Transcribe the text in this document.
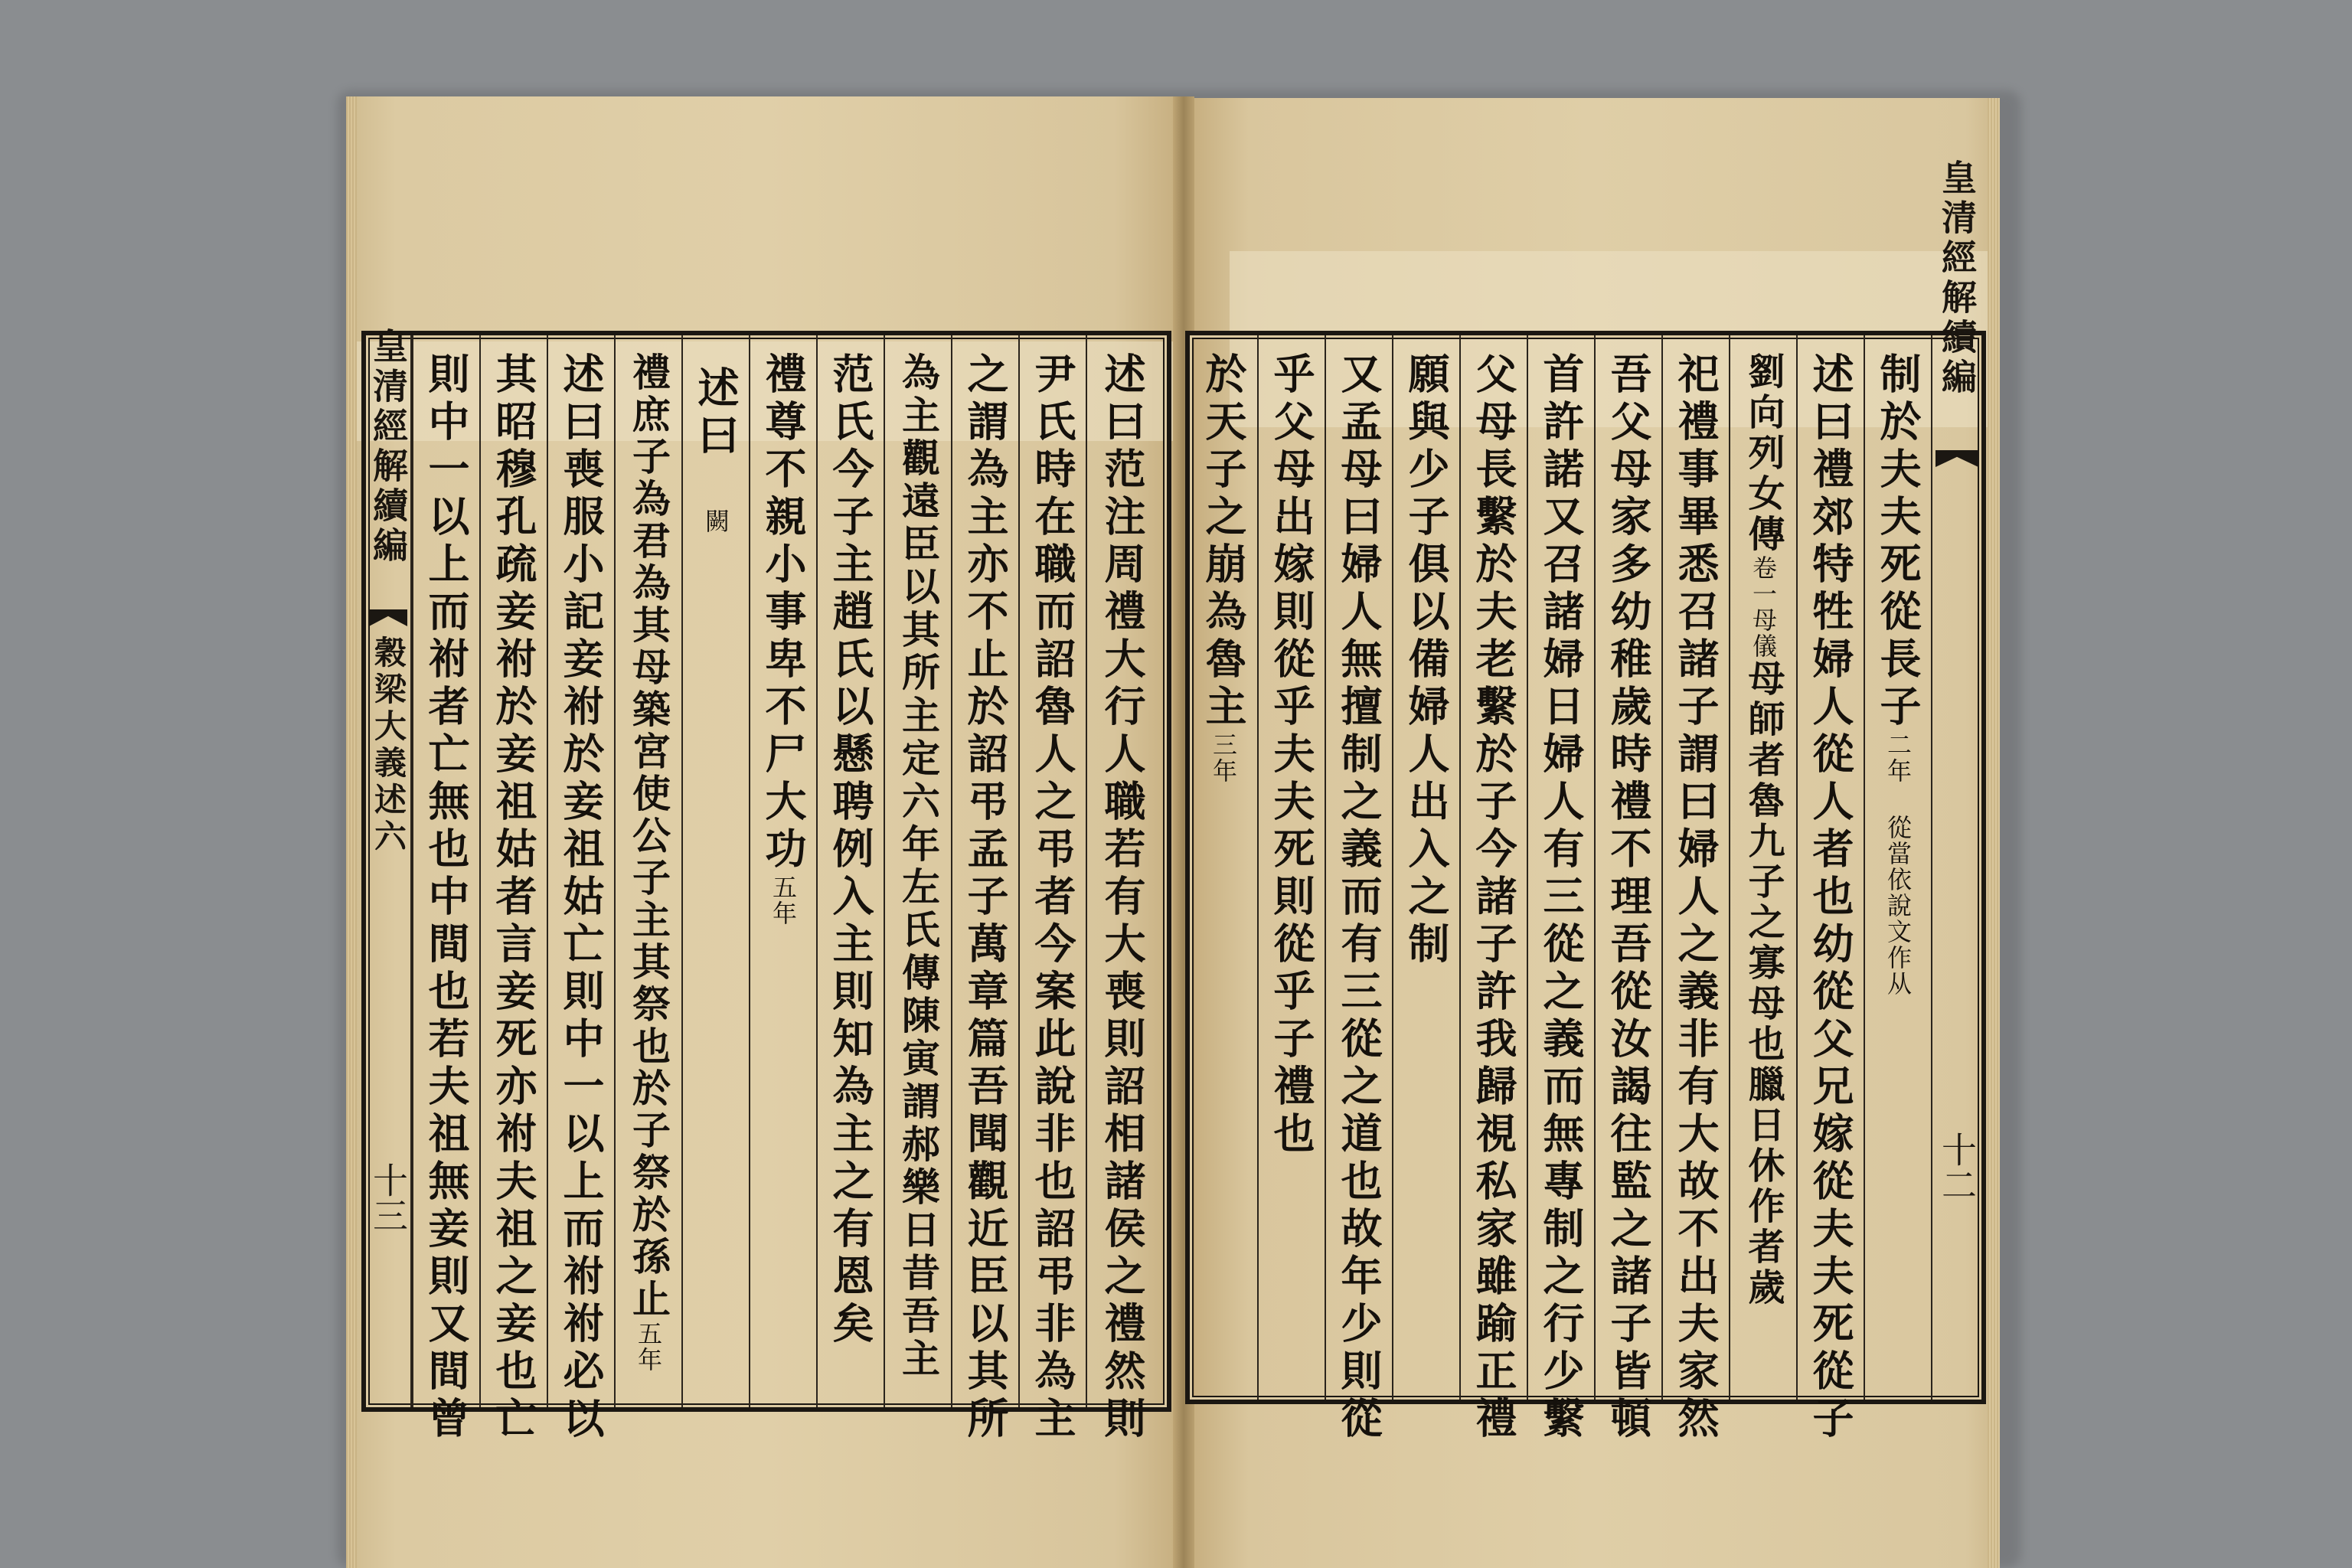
皇清經解續編
穀梁大義述六
十三	述曰范注周禮大行人職若有大喪則詔相諸侯之禮然則
尹氏時在職而詔魯人之弔者今案此說非也詔弔非為主
之謂為主亦不止於詔弔孟子萬章篇吾聞觀近臣以其所
為主觀遠臣以其所主定六年左氏傳陳寅謂郝樂日昔吾主
范氏今子主趙氏以懸聘例入主則知為主之有恩矣
禮尊不親小事卑不尸大功五年
述曰　闕
禮庶子為君為其母築宮使公子主其祭也於子祭於孫止五年
述曰喪服小記妾祔於妾祖姑亡則中一以上而祔祔必以
其昭穆孔疏妾祔於妾祖姑者言妾死亦祔夫祖之妾也亡
則中一以上而祔者亡無也中間也若夫祖無妾則又間曾
皇清經解續編
十二
制於夫夫死從長子二年 從當依說文作从
述曰禮郊特牲婦人從人者也幼從父兄嫁從夫夫死從子
劉向列女傳卷一母儀母師者魯九子之寡母也臘日休作者歲
祀禮事畢悉召諸子謂曰婦人之義非有大故不出夫家然
吾父母家多幼稚歲時禮不理吾從汝謁往監之諸子皆頓
首許諾又召諸婦日婦人有三從之義而無專制之行少繫
父母長繫於夫老繫於子今諸子許我歸視私家雖踰正禮
願與少子俱以備婦人出入之制
又孟母曰婦人無擅制之義而有三從之道也故年少則從
乎父母出嫁則從乎夫夫死則從乎子禮也
於天子之崩為魯主三年
